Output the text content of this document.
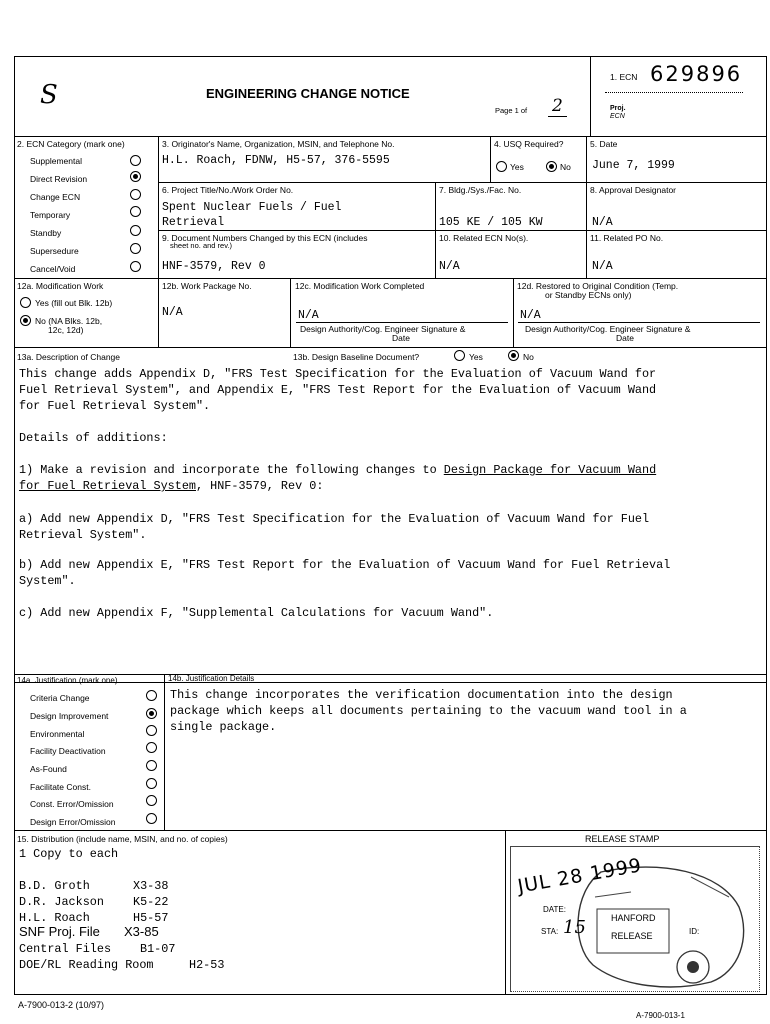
S	ENGINEERING CHANGE NOTICE
Page 1 of 2
1. ECN 629896
Proj.
ECN
2. ECN Category (mark one)
Supplemental
Direct Revision
Change ECN
Temporary
Standby
Supersedure
Cancel/Void
3. Originator's Name, Organization, MSIN, and Telephone No.
H.L. Roach, FDNW, H5-57, 376-5595
4. USQ Required?
Yes	No
5. Date
June 7, 1999
6. Project Title/No./Work Order No.
Spent Nuclear Fuels / Fuel
Retrieval
7. Bldg./Sys./Fac. No.
105 KE / 105 KW
8. Approval Designator
N/A
9. Document Numbers Changed by this ECN (includes
sheet no. and rev.)
HNF-3579, Rev 0
10. Related ECN No(s).
N/A
11. Related PO No.
N/A
12a. Modification Work
Yes (fill out Blk. 12b)
No (NA Blks. 12b,
12c, 12d)
12b. Work Package No.
N/A
12c. Modification Work Completed
N/A
Design Authority/Cog. Engineer Signature &
Date
12d. Restored to Original Condition (Temp.
or Standby ECNs only)
N/A
Design Authority/Cog. Engineer Signature &
Date
13a. Description of Change	13b. Design Baseline Document?	Yes	No
This change adds Appendix D, "FRS Test Specification for the Evaluation of Vacuum Wand for
Fuel Retrieval System", and Appendix E, "FRS Test Report for the Evaluation of Vacuum Wand
for Fuel Retrieval System".
Details of additions:
1) Make a revision and incorporate the following changes to Design Package for Vacuum Wand
for Fuel Retrieval System, HNF-3579, Rev 0:
a) Add new Appendix D, "FRS Test Specification for the Evaluation of Vacuum Wand for Fuel
Retrieval System".
b) Add new Appendix E, "FRS Test Report for the Evaluation of Vacuum Wand for Fuel Retrieval
System".
c) Add new Appendix F, "Supplemental Calculations for Vacuum Wand".
14a. Justification (mark one)	14b. Justification Details
Criteria Change
Design Improvement
Environmental
Facility Deactivation
As-Found
Facilitate Const.
Const. Error/Omission
Design Error/Omission
This change incorporates the verification documentation into the design
package which keeps all documents pertaining to the vacuum wand tool in a
single package.
15. Distribution (include name, MSIN, and no. of copies)
1 Copy to each
B.D. Groth	X3-38
D.R. Jackson K5-22
H.L. Roach	H5-57
SNF Proj. File X3-85
Central Files B1-07
DOE/RL Reading Room	H2-53
RELEASE STAMP
JUL 28 1999
DATE:
STA: 15	HANFORD
RELEASE	ID:
A-7900-013-2 (10/97)
A-7900-013-1
